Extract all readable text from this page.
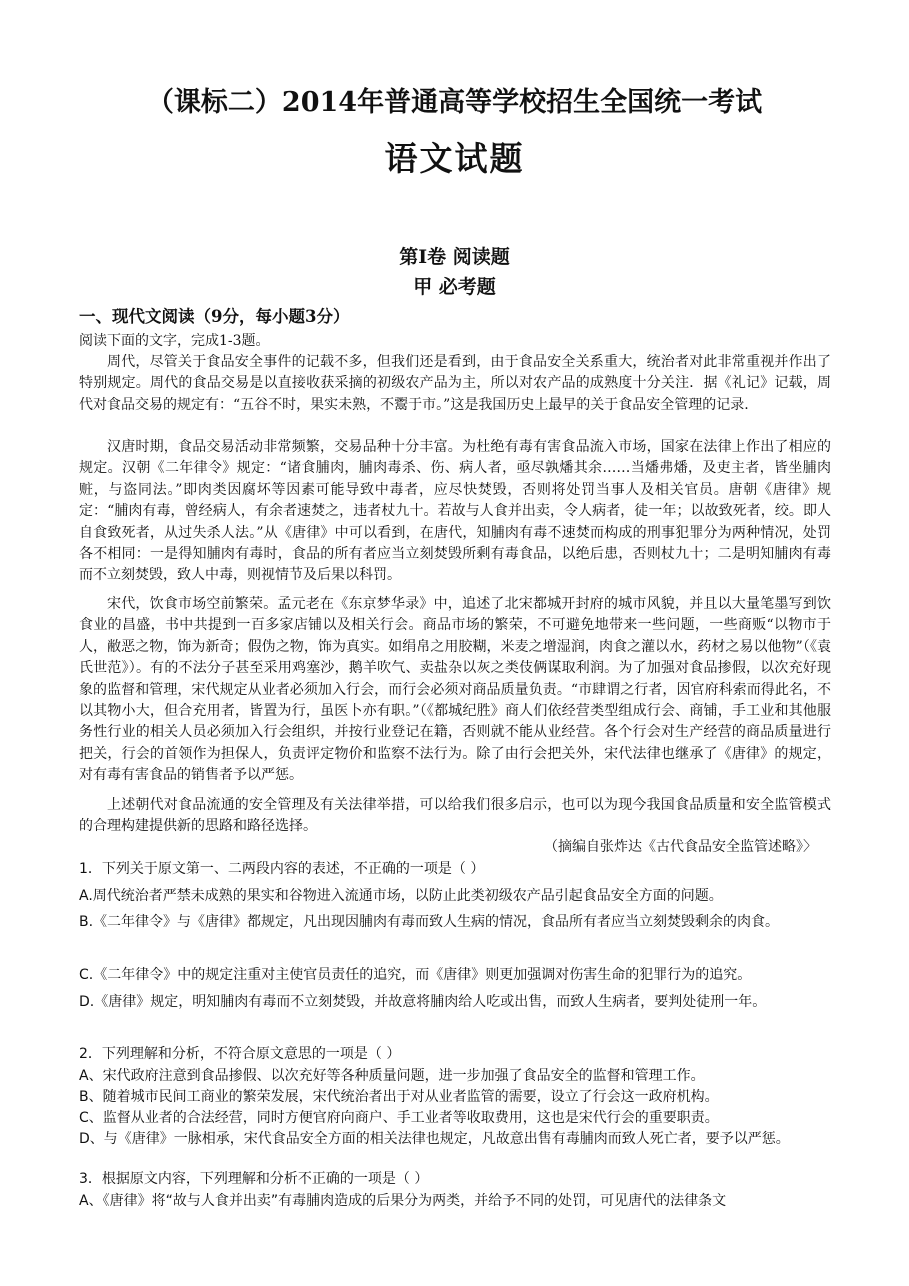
（课标二）2014年普通高等学校招生全国统一考试
语文试题
第Ⅰ卷 阅读题
甲 必考题
一、现代文阅读（9分，每小题3分）
阅读下面的文字，完成1-3题。

周代，尽管关于食品安全事件的记载不多，但我们还是看到，由于食品安全关系重大，统治者对此非常重视并作出了特别规定。周代的食品交易是以直接收获采摘的初级农产品为主，所以对农产品的成熟度十分关注．据《礼记》记载，周代对食品交易的规定有：“五谷不时，果实未熟，不鬻于市。”这是我国历史上最早的关于食品安全管理的记录.

汉唐时期，食品交易活动非常频繁，交易品种十分丰富。为杜绝有毒有害食品流入市场，国家在法律上作出了相应的规定。汉朝《二年律令》规定：“诸食脯肉，脯肉毒杀、伤、病人者，亟尽孰燔其余……当燔弗燔，及吏主者，皆坐脯肉赃，与盗同法。”即肉类因腐坏等因素可能导致中毒者，应尽快焚毁，否则将处罚当事人及相关官员。唐朝《唐律》规定：“脯肉有毒，曾经病人，有余者速焚之，违者杖九十。若故与人食并出卖，令人病者，徒一年；以故致死者，绞。即人自食致死者，从过失杀人法。”从《唐律》中可以看到，在唐代，知脯肉有毒不速焚而构成的刑事犯罪分为两种情况，处罚各不相同：一是得知脯肉有毒时，食品的所有者应当立刻焚毁所剩有毒食品，以绝后患，否则杖九十；二是明知脯肉有毒而不立刻焚毁，致人中毒，则视情节及后果以科罚。

宋代，饮食市场空前繁荣。孟元老在《东京梦华录》中，追述了北宋都城开封府的城市风貌，并且以大量笔墨写到饮食业的昌盛，书中共提到一百多家店铺以及相关行会。商品市场的繁荣，不可避免地带来一些问题，一些商贩“以物市于人，敝恶之物，饰为新奇；假伪之物，饰为真实。如绢帛之用胶糊，米麦之增湿润，肉食之灌以水，药材之易以他物”（《袁氏世范》）。有的不法分子甚至采用鸡塞沙，鹅羊吹气、卖盐杂以灰之类伎俩谋取利润。为了加强对食品掺假，以次充好现象的监督和管理，宋代规定从业者必须加入行会，而行会必须对商品质量负责。“市肆谓之行者，因官府科索而得此名，不以其物小大，但合充用者，皆置为行，虽医卜亦有职。”（《都城纪胜》商人们依经营类型组成行会、商铺，手工业和其他服务性行业的相关人员必须加入行会组织，并按行业登记在籍，否则就不能从业经营。各个行会对生产经营的商品质量进行把关，行会的首领作为担保人，负责评定物价和监察不法行为。除了由行会把关外，宋代法律也继承了《唐律》的规定，对有毒有害食品的销售者予以严惩。

上述朝代对食品流通的安全管理及有关法律举措，可以给我们很多启示，也可以为现今我国食品质量和安全监管模式的合理构建提供新的思路和路径选择。

（摘编自张炸达《古代食品安全监管述略》〉

1．下列关于原文第一、二两段内容的表述，不正确的一项是（ ）

A.周代统治者严禁未成熟的果实和谷物进入流通市场，以防止此类初级农产品引起食品安全方面的问题。

B.《二年律令》与《唐律》都规定，凡出现因脯肉有毒而致人生病的情况，食品所有者应当立刻焚毁剩余的肉食。

C.《二年律令》中的规定注重对主使官员责任的追究，而《唐律》则更加强调对伤害生命的犯罪行为的追究。

D.《唐律》规定，明知脯肉有毒而不立刻焚毁，并故意将脯肉给人吃或出售，而致人生病者，要判处徒刑一年。

2．下列理解和分析，不符合原文意思的一项是（ ）

A、宋代政府注意到食品掺假、以次充好等各种质量问题，进一步加强了食品安全的监督和管理工作。

B、随着城市民间工商业的繁荣发展，宋代统治者出于对从业者监管的需要，设立了行会这一政府机构。

C、监督从业者的合法经营，同时方便官府向商户、手工业者等收取费用，这也是宋代行会的重要职责。

D、与《唐律》一脉相承，宋代食品安全方面的相关法律也规定，凡故意出售有毒脯肉而致人死亡者，要予以严惩。

3．根据原文内容，下列理解和分析不正确的一项是（ ）

A、《唐律》将“故与人食并出卖”有毒脯肉造成的后果分为两类，并给予不同的处罚，可见唐代的法律条文
